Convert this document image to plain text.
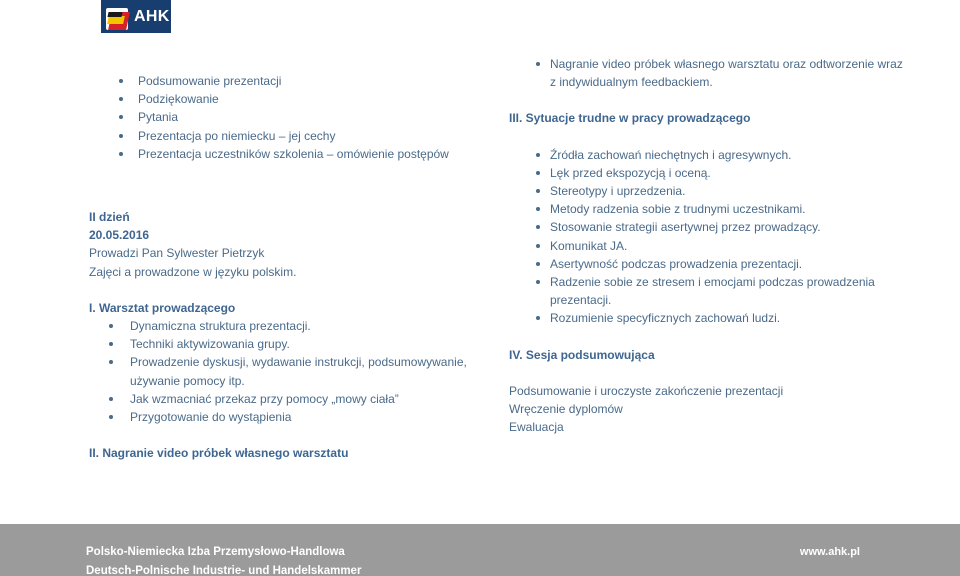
AHK
Podsumowanie prezentacji
Podziękowanie
Pytania
Prezentacja po niemiecku – jej cechy
Prezentacja uczestników szkolenia – omówienie postępów
II dzień
20.05.2016
Prowadzi Pan Sylwester Pietrzyk
Zajęci a prowadzone w języku polskim.
I. Warsztat prowadzącego
Dynamiczna struktura prezentacji.
Techniki aktywizowania grupy.
Prowadzenie dyskusji, wydawanie instrukcji, podsumowywanie, używanie pomocy itp.
Jak wzmacniać przekaz przy pomocy „mowy ciała”
Przygotowanie do wystąpienia
II. Nagranie video próbek własnego warsztatu
Nagranie video próbek własnego warsztatu oraz odtworzenie wraz z indywidualnym feedbackiem.
III. Sytuacje trudne w pracy prowadzącego
Źródła zachowań niechętnych i agresywnych.
Lęk przed ekspozycją i oceną.
Stereotypy i uprzedzenia.
Metody radzenia sobie z trudnymi uczestnikami.
Stosowanie strategii asertywnej przez prowadzący.
Komunikat JA.
Asertywność podczas prowadzenia prezentacji.
Radzenie sobie ze stresem i emocjami podczas prowadzenia prezentacji.
Rozumienie specyficznych zachowań ludzi.
IV. Sesja podsumowująca
Podsumowanie i uroczyste zakończenie prezentacji
Wręczenie dyplomów
Ewaluacja
Polsko-Niemiecka Izba Przemysłowo-Handlowa
Deutsch-Polnische Industrie- und Handelskammer
www.ahk.pl
